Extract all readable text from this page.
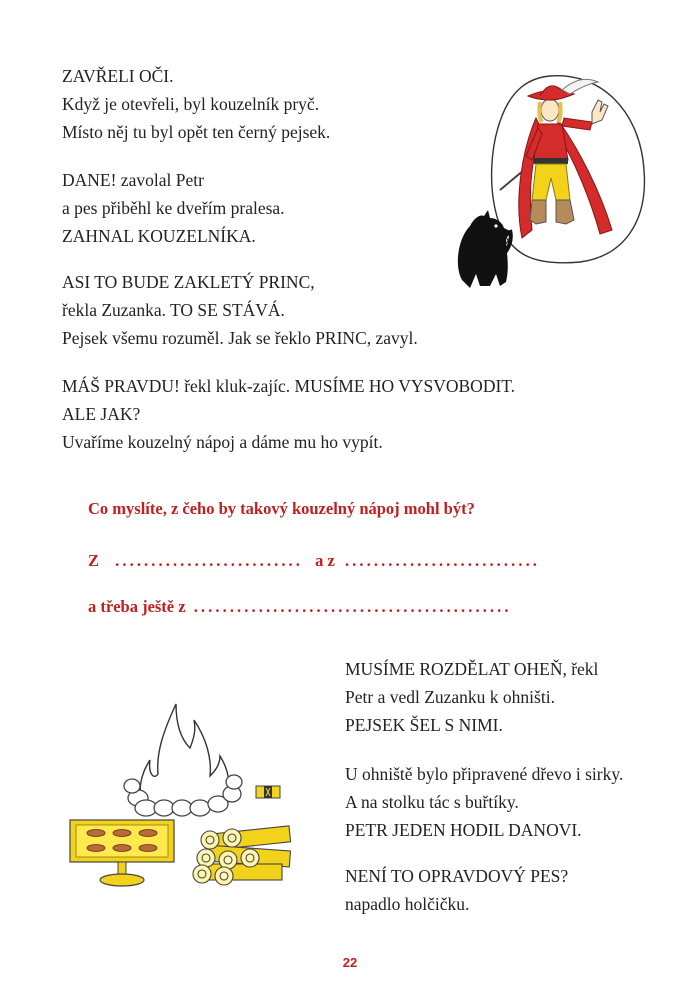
ZAVŘELI OČI.
Když je otevřeli, byl kouzelník pryč.
Místo něj tu byl opět ten černý pejsek.
DANE! zavolal Petr
a pes přiběhl ke dveřím pralesa.
ZAHNAL KOUZELNÍKA.
ASI TO BUDE ZAKLETÝ PRINC,
řekla Zuzanka. TO SE STÁVÁ.
Pejsek všemu rozuměl. Jak se řeklo PRINC, zavyl.
MÁŠ PRAVDU! řekl kluk-zajíc. MUSÍME HO VYSVOBODIT.
ALE JAK?
Uvaříme kouzelný nápoj a dáme mu ho vypít.
Co myslíte, z čeho by takový kouzelný nápoj mohl být?
Z .......................... a z ...........................
a třeba ještě z ............................................
MUSÍME ROZDĚLAT OHEŇ, řekl
Petr a vedl Zuzanku k ohništi.
PEJSEK ŠEL S NIMI.
U ohniště bylo připravené dřevo i sirky.
A na stolku tác s buřtíky.
PETR JEDEN HODIL DANOVI.
NENÍ TO OPRAVDOVÝ PES?
napadlo holčičku.
22
